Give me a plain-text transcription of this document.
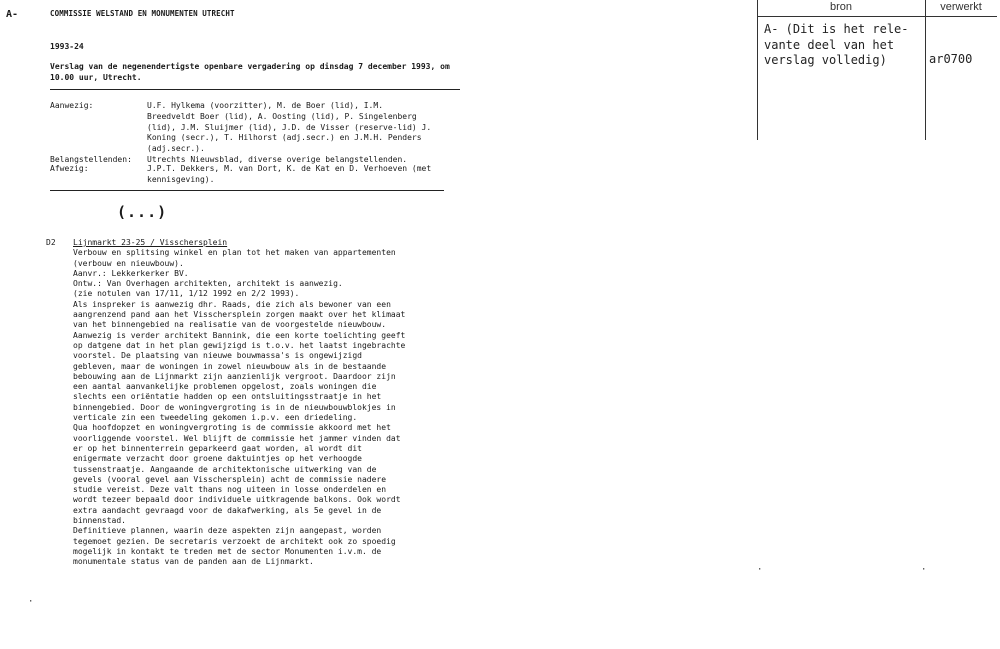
A-	COMMISSIE WELSTAND EN MONUMENTEN UTRECHT
1993-24
Verslag van de negenendertigste openbare vergadering op dinsdag 7 december 1993, om 10.00 uur, Utrecht.
Aanwezig:	U.F. Hylkema (voorzitter), M. de Boer (lid), I.M.
Breedveldt Boer (lid), A. Oosting (lid), P. Singelenberg
(lid), J.M. Sluijmer (lid), J.D. de Visser (reserve-lid) J.
Koning (secr.), T. Hilhorst (adj.secr.) en J.M.H. Penders
(adj.secr.).
Belangstellenden: Utrechts Nieuwsblad, diverse overige belangstellenden.
Afwezig:	J.P.T. Dekkers, M. van Dort, K. de Kat en D. Verhoeven (met
kennisgeving).
(...)
D2 Lijnmarkt 23-25 / Visschersplein
Verbouw en splitsing winkel en plan tot het maken van appartementen
(verbouw en nieuwbouw).
Aanvr.: Lekkerkerker BV.
Ontw.: Van Overhagen architekten, architekt is aanwezig.
(zie notulen van 17/11, 1/12 1992 en 2/2 1993).
Als inspreker is aanwezig dhr. Raads, die zich als bewoner van een
aangrenzend pand aan het Visschersplein zorgen maakt over het klimaat
van het binnengebied na realisatie van de voorgestelde nieuwbouw.
Aanwezig is verder architekt Bannink, die een korte toelichting geeft
op datgene dat in het plan gewijzigd is t.o.v. het laatst ingebrachte
voorstel. De plaatsing van nieuwe bouwmassa's is ongewijzigd
gebleven, maar de woningen in zowel nieuwbouw als in de bestaande
bebouwing aan de Lijnmarkt zijn aanzienlijk vergroot. Daardoor zijn
een aantal aanvankelijke problemen opgelost, zoals woningen die
slechts een oriëntatie hadden op een ontsluitingsstraatje in het
binnengebied. Door de woningvergroting is in de nieuwbouwblokjes in
verticale zin een tweedeling gekomen i.p.v. een driedeling.
Qua hoofdopzet en woningvergroting is de commissie akkoord met het
voorliggende voorstel. Wel blijft de commissie het jammer vinden dat
er op het binnenterrein geparkeerd gaat worden, al wordt dit
enigermate verzacht door groene daktuintjes op het verhoogde
tussenstraatje. Aangaande de architektonische uitwerking van de
gevels (vooral gevel aan Visschersplein) acht de commissie nadere
studie vereist. Deze valt thans nog uiteen in losse onderdelen en
wordt tezeer bepaald door individuele uitkragende balkons. Ook wordt
extra aandacht gevraagd voor de dakafwerking, als 5e gevel in de
binnenstad.
Definitieve plannen, waarin deze aspekten zijn aangepast, worden
tegemoet gezien. De secretaris verzoekt de architekt ook zo spoedig
mogelijk in kontakt te treden met de sector Monumenten i.v.m. de
monumentale status van de panden aan de Lijnmarkt.
·
·	·
bron	verwerkt
A- (Dit is het rele-
vante deel van het
verslag volledig)	ar0700
